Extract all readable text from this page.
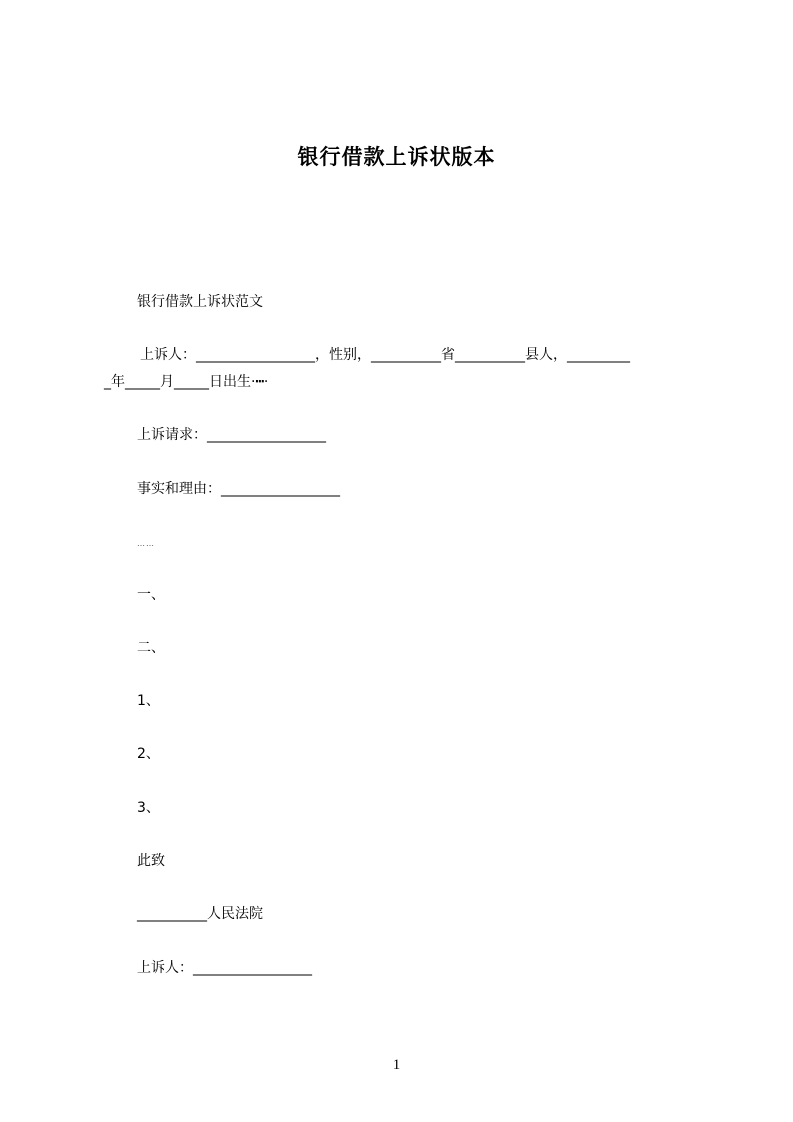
银行借款上诉状版本
银行借款上诉状范文
上诉人：_________________，性别，__________省__________县人，_________
_年_____月_____日出生·┅·
上诉请求：_________________
事实和理由：_________________
……
一、
二、
1、
2、
3、
此致
__________人民法院
上诉人：_________________
1
